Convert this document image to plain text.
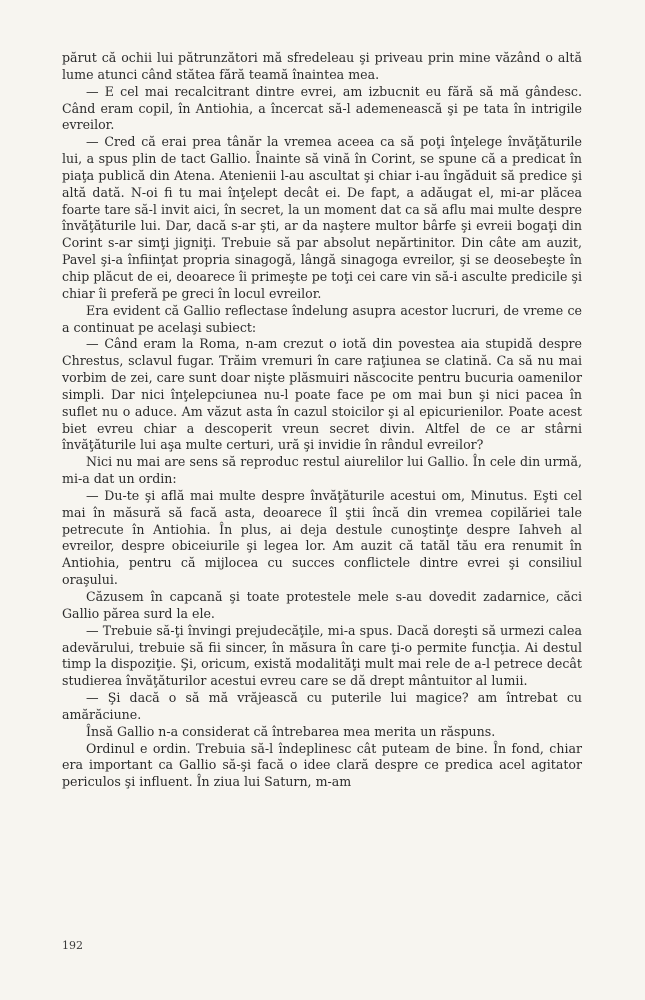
părut că ochii lui pătrunzători mă sfredeleau şi priveau prin mine văzând o altă lume atunci când stătea fără teamă înaintea mea.

— E cel mai recalcitrant dintre evrei, am izbucnit eu fără să mă gândesc. Când eram copil, în Antiohia, a încercat să-l ademenească şi pe tata în intrigile evreilor.

— Cred că erai prea tânăr la vremea aceea ca să poţi înţelege învăţăturile lui, a spus plin de tact Gallio. Înainte să vină în Corint, se spune că a predicat în piaţa publică din Atena. Atenienii l-au ascultat şi chiar i-au îngăduit să predice şi altă dată. N-oi fi tu mai înţelept decât ei. De fapt, a adăugat el, mi-ar plăcea foarte tare să-l invit aici, în secret, la un moment dat ca să aflu mai multe despre învăţăturile lui. Dar, dacă s-ar şti, ar da naştere multor bârfe şi evreii bogaţi din Corint s-ar simţi jigniţi. Trebuie să par absolut nepărtinitor. Din câte am auzit, Pavel şi-a înfiinţat propria sinagogă, lângă sinagoga evreilor, şi se deosebeşte în chip plăcut de ei, deoarece îi primeşte pe toţi cei care vin să-i asculte predicile şi chiar îi preferă pe greci în locul evreilor.

Era evident că Gallio reflectase îndelung asupra acestor lucruri, de vreme ce a continuat pe acelaşi subiect:

— Când eram la Roma, n-am crezut o iotă din povestea aia stupidă despre Chrestus, sclavul fugar. Trăim vremuri în care raţiunea se clatină. Ca să nu mai vorbim de zei, care sunt doar nişte plăsmuiri născocite pentru bucuria oamenilor simpli. Dar nici înţelepciunea nu-l poate face pe om mai bun şi nici pacea în suflet nu o aduce. Am văzut asta în cazul stoicilor şi al epicurienilor. Poate acest biet evreu chiar a descoperit vreun secret divin. Altfel de ce ar stârni învăţăturile lui aşa multe certuri, ură şi invidie în rândul evreilor?

Nici nu mai are sens să reproduc restul aiurelilor lui Gallio. În cele din urmă, mi-a dat un ordin:

— Du-te şi află mai multe despre învăţăturile acestui om, Minutus. Eşti cel mai în măsură să facă asta, deoarece îl ştii încă din vremea copilăriei tale petrecute în Antiohia. În plus, ai deja destule cunoştinţe despre Iahveh al evreilor, despre obiceiurile şi legea lor. Am auzit că tatăl tău era renumit în Antiohia, pentru că mijlocea cu succes conflictele dintre evrei şi consiliul oraşului.

Căzusem în capcană şi toate protestele mele s-au dovedit zadarnice, căci Gallio părea surd la ele.

— Trebuie să-ţi învingi prejudecăţile, mi-a spus. Dacă doreşti să urmezi calea adevărului, trebuie să fii sincer, în măsura în care ţi-o permite funcţia. Ai destul timp la dispoziţie. Şi, oricum, există modalităţi mult mai rele de a-l petrece decât studierea învăţăturilor acestui evreu care se dă drept mântuitor al lumii.

— Şi dacă o să mă vrăjească cu puterile lui magice? am întrebat cu amărăciune.

Însă Gallio n-a considerat că întrebarea mea merita un răspuns.

Ordinul e ordin. Trebuia să-l îndeplinesc cât puteam de bine. În fond, chiar era important ca Gallio să-şi facă o idee clară despre ce predica acel agitator periculos şi influent. În ziua lui Saturn, m-am

192
